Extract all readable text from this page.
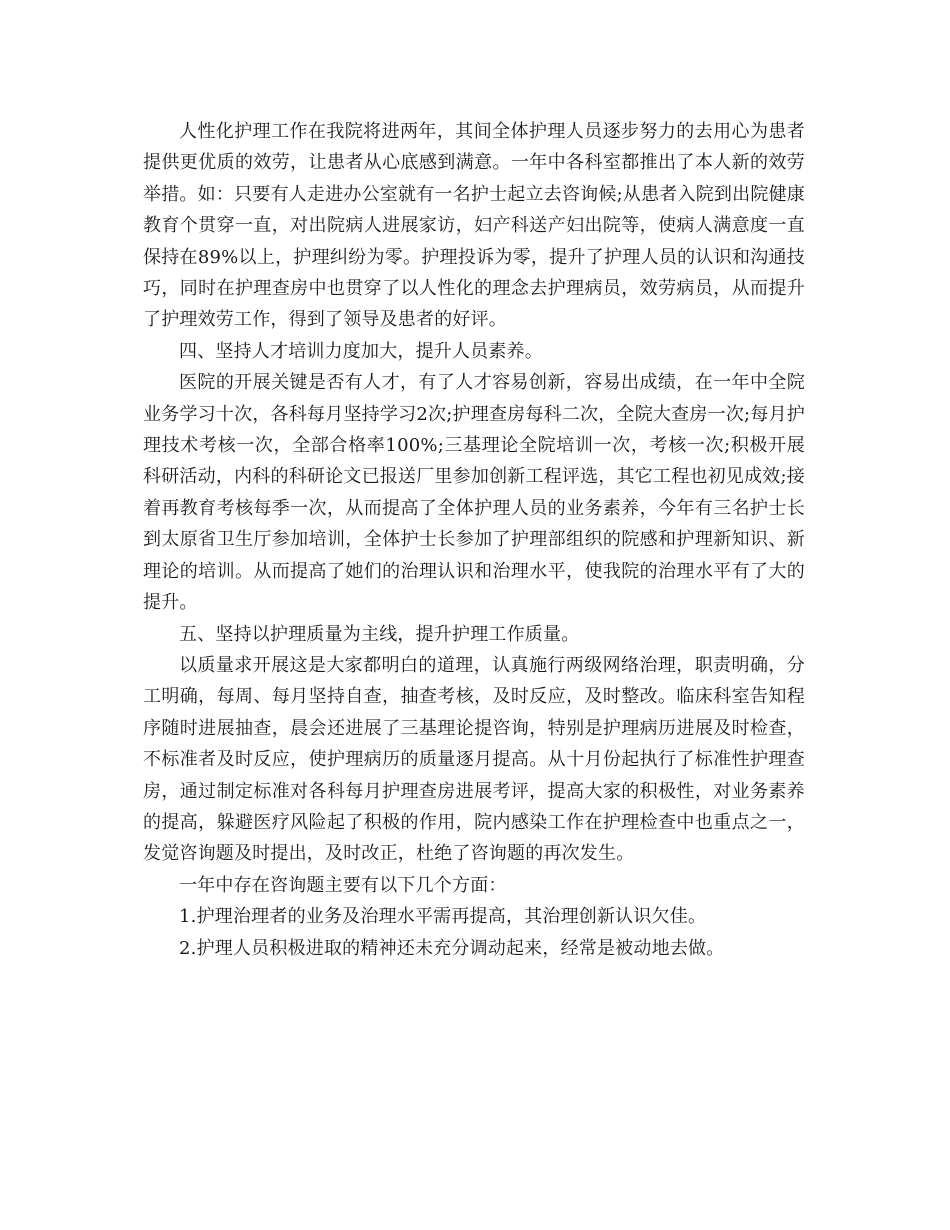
人性化护理工作在我院将进两年，其间全体护理人员逐步努力的去用心为患者提供更优质的效劳，让患者从心底感到满意。一年中各科室都推出了本人新的效劳举措。如：只要有人走进办公室就有一名护士起立去咨询候;从患者入院到出院健康教育个贯穿一直，对出院病人进展家访，妇产科送产妇出院等，使病人满意度一直保持在89%以上，护理纠纷为零。护理投诉为零，提升了护理人员的认识和沟通技巧，同时在护理查房中也贯穿了以人性化的理念去护理病员，效劳病员，从而提升了护理效劳工作，得到了领导及患者的好评。

四、坚持人才培训力度加大，提升人员素养。

医院的开展关键是否有人才，有了人才容易创新，容易出成绩，在一年中全院业务学习十次，各科每月坚持学习2次;护理查房每科二次，全院大查房一次;每月护理技术考核一次，全部合格率100%;三基理论全院培训一次，考核一次;积极开展科研活动，内科的科研论文已报送厂里参加创新工程评选，其它工程也初见成效;接着再教育考核每季一次，从而提高了全体护理人员的业务素养，今年有三名护士长到太原省卫生厅参加培训，全体护士长参加了护理部组织的院感和护理新知识、新理论的培训。从而提高了她们的治理认识和治理水平，使我院的治理水平有了大的提升。

五、坚持以护理质量为主线，提升护理工作质量。

以质量求开展这是大家都明白的道理，认真施行两级网络治理，职责明确，分工明确，每周、每月坚持自查，抽查考核，及时反应，及时整改。临床科室告知程序随时进展抽查，晨会还进展了三基理论提咨询，特别是护理病历进展及时检查，不标准者及时反应，使护理病历的质量逐月提高。从十月份起执行了标准性护理查房，通过制定标准对各科每月护理查房进展考评，提高大家的积极性，对业务素养的提高，躲避医疗风险起了积极的作用，院内感染工作在护理检查中也重点之一，发觉咨询题及时提出，及时改正，杜绝了咨询题的再次发生。

一年中存在咨询题主要有以下几个方面：

1.护理治理者的业务及治理水平需再提高，其治理创新认识欠佳。

2.护理人员积极进取的精神还未充分调动起来，经常是被动地去做。
